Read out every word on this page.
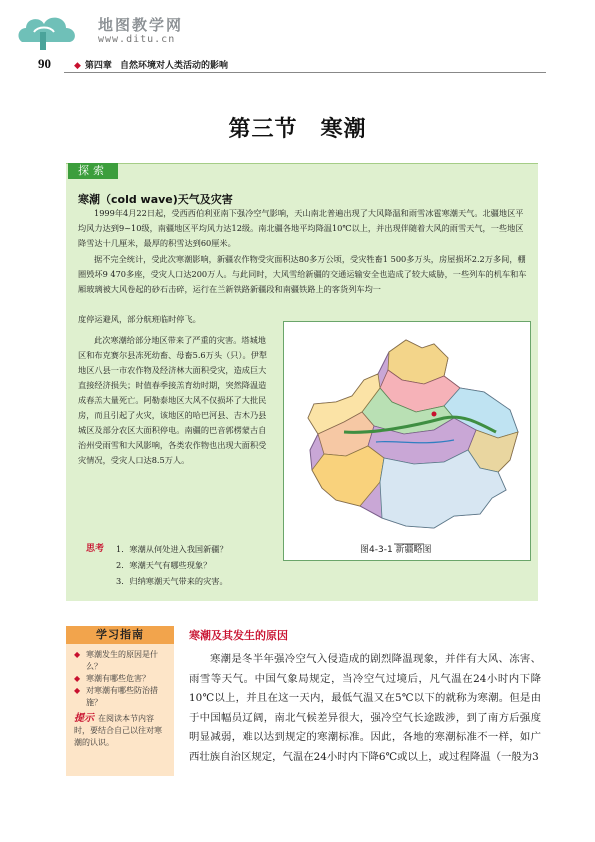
地图教学网
www.ditu.cn
90	◆ 第四章 自然环境对人类活动的影响
第三节　寒潮
探索
寒潮（cold wave)天气及灾害
1999年4月22日起，受西西伯利亚南下强冷空气影响，天山南北普遍出现了大风降温和雨雪冰雹寒潮天气。北疆地区平均风力达到9~10级，南疆地区平均风力达12级。南北疆各地平均降温10℃以上，并出现伴随着大风的雨雪天气，一些地区降雪达十几厘米，最厚的积雪达到60厘米。
据不完全统计，受此次寒潮影响，新疆农作物受灾面积达80多万公顷，受灾牲畜1 500多万头，房屋损坏2.2万多间，棚圈毁坏9 470多座，受灾人口达200万人。与此同时，大风雪给新疆的交通运输安全也造成了较大威胁，一些列车的机车和车厢玻璃被大风卷起的砂石击碎，运行在兰新铁路新疆段和南疆铁路上的客货列车均一
度停运避风，部分航班临时停飞。
此次寒潮给部分地区带来了严重的灾害。塔城地区和布克赛尔县冻死幼畜、母畜5.6万头（只）。伊犁地区八县一市农作物及经济林大面积受灾，造成巨大直接经济损失；时值春季接羔育幼时期，突然降温造成春羔大量死亡。阿勒泰地区大风不仅损坏了大批民房，而且引起了火灾，该地区的哈巴河县、吉木乃县城区及部分农区大面积停电。南疆的巴音郭楞蒙古自治州受雨雪和大风影响，各类农作物也出现大面积受灾情况，受灾人口达8.5万人。
思考 1．寒潮从何处进入我国新疆？
2．寒潮天气有哪些现象？
3．归纳寒潮天气带来的灾害。
图4-3-1 新疆略图
学习指南
◆ 寒潮发生的原因是什么？
◆ 寒潮有哪些危害？
◆ 对寒潮有哪些防治措施？
提示 在阅读本节内容时，要结合自己以往对寒潮的认识。
寒潮及其发生的原因
寒潮是冬半年强冷空气入侵造成的剧烈降温现象，并伴有大风、冻害、雨雪等天气。中国气象局规定，当冷空气过境后，凡气温在24小时内下降10℃以上，并且在这一天内，最低气温又在5℃以下的就称为寒潮。但是由于中国幅员辽阔，南北气候差异很大，强冷空气长途跋涉，到了南方后强度明显减弱，难以达到规定的寒潮标准。因此，各地的寒潮标准不一样，如广西壮族自治区规定，气温在24小时内下降6℃或以上，或过程降温（一般为3
